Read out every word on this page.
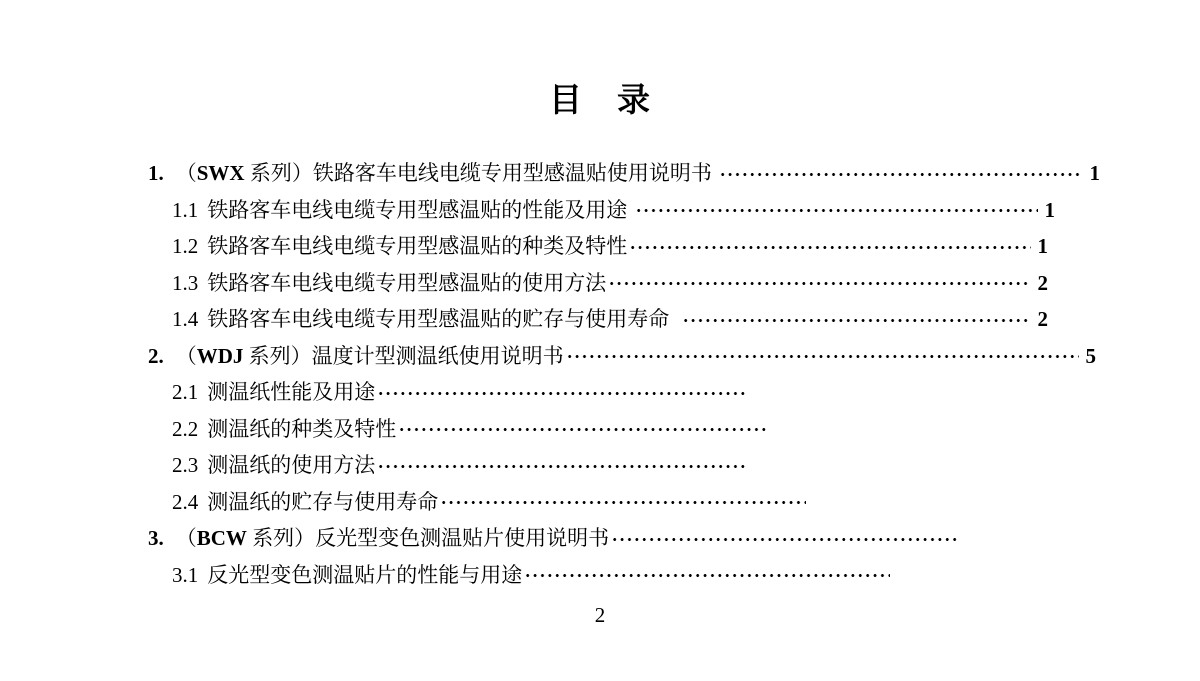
目　录
1. （SWX 系列）铁路客车电线电缆专用型感温贴使用说明书	1
1.1 铁路客车电线电缆专用型感温贴的性能及用途	1
1.2 铁路客车电线电缆专用型感温贴的种类及特性	1
1.3 铁路客车电线电缆专用型感温贴的使用方法	2
1.4 铁路客车电线电缆专用型感温贴的贮存与使用寿命	2
2. （WDJ 系列）温度计型测温纸使用说明书	5
2.1 测温纸性能及用途
2.2 测温纸的种类及特性
2.3 测温纸的使用方法
2.4 测温纸的贮存与使用寿命
3. （BCW 系列）反光型变色测温贴片使用说明书
3.1 反光型变色测温贴片的性能与用途
2
